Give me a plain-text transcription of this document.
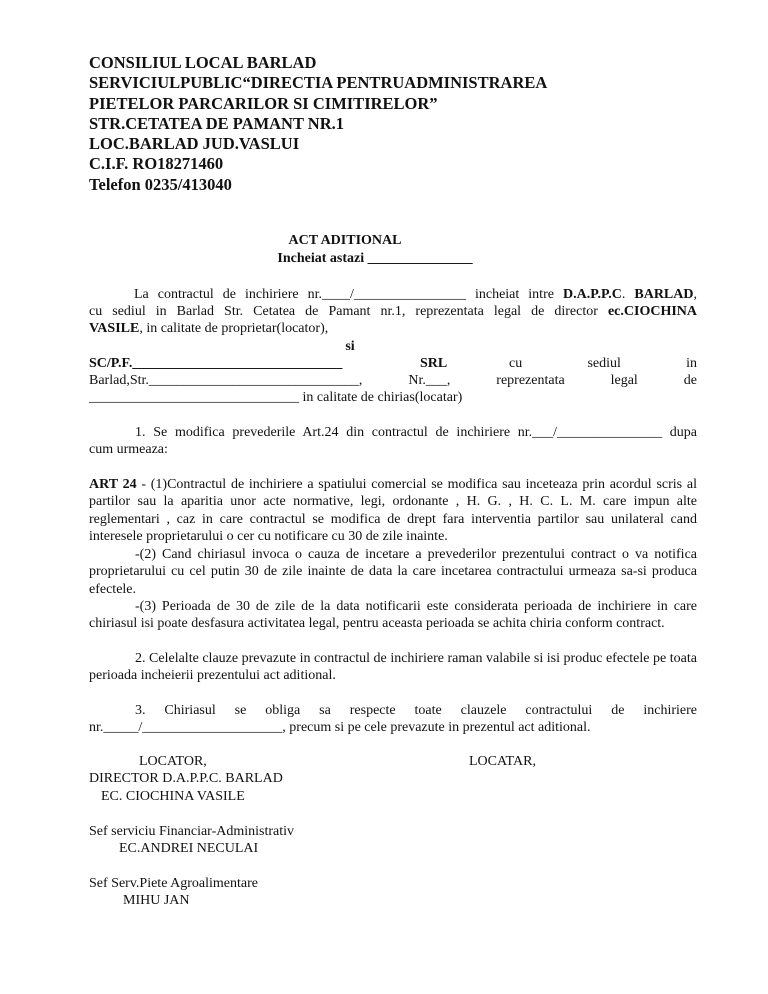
CONSILIUL LOCAL BARLAD
SERVICIULPUBLIC“DIRECTIA PENTRUADMINISTRAREA
PIETELOR PARCARILOR SI CIMITIRELOR”
STR.CETATEA DE PAMANT NR.1
LOC.BARLAD JUD.VASLUI
C.I.F. RO18271460
Telefon 0235/413040
ACT ADITIONAL
Incheiat astazi _______________
La contractul de inchiriere nr.____/________________ incheiat intre D.A.P.P.C. BARLAD,
cu sediul in Barlad Str. Cetatea de Pamant nr.1, reprezentata legal de director ec.CIOCHINA
VASILE, in calitate de proprietar(locator),
si
SC/P.F.______________________________	SRL	cu sediul in
Barlad,Str.______________________________, Nr.___, reprezentata legal de
______________________________ in calitate de chirias(locatar)
1. Se modifica prevederile Art.24 din contractul de inchiriere nr.___/_______________ dupa
cum urmeaza:
ART 24 - (1)Contractul de inchiriere a spatiului comercial se modifica sau inceteaza prin acordul scris al partilor sau la aparitia unor acte normative, legi, ordonante , H. G. , H. C. L. M. care impun alte reglementari , caz in care contractul se modifica de drept fara interventia partilor sau unilateral cand interesele proprietarului o cer cu notificare cu 30 de zile inainte.
-(2) Cand chiriasul invoca o cauza de incetare a prevederilor prezentului contract o va notifica proprietarului cu cel putin 30 de zile inainte de data la care incetarea contractului urmeaza sa-si produca efectele.
-(3) Perioada de 30 de zile de la data notificarii este considerata perioada de inchiriere in care chiriasul isi poate desfasura activitatea legal, pentru aceasta perioada se achita chiria conform contract.
2. Celelalte clauze prevazute in contractul de inchiriere raman valabile si isi produc efectele pe toata perioada incheierii prezentului act aditional.
3. Chiriasul se obliga sa respecte toate clauzele contractului de inchiriere
nr._____/____________________, precum si pe cele prevazute in prezentul act aditional.
LOCATOR,	LOCATAR,
DIRECTOR D.A.P.P.C. BARLAD
EC. CIOCHINA VASILE
Sef serviciu Financiar-Administrativ
EC.ANDREI NECULAI
Sef Serv.Piete Agroalimentare
MIHU JAN
